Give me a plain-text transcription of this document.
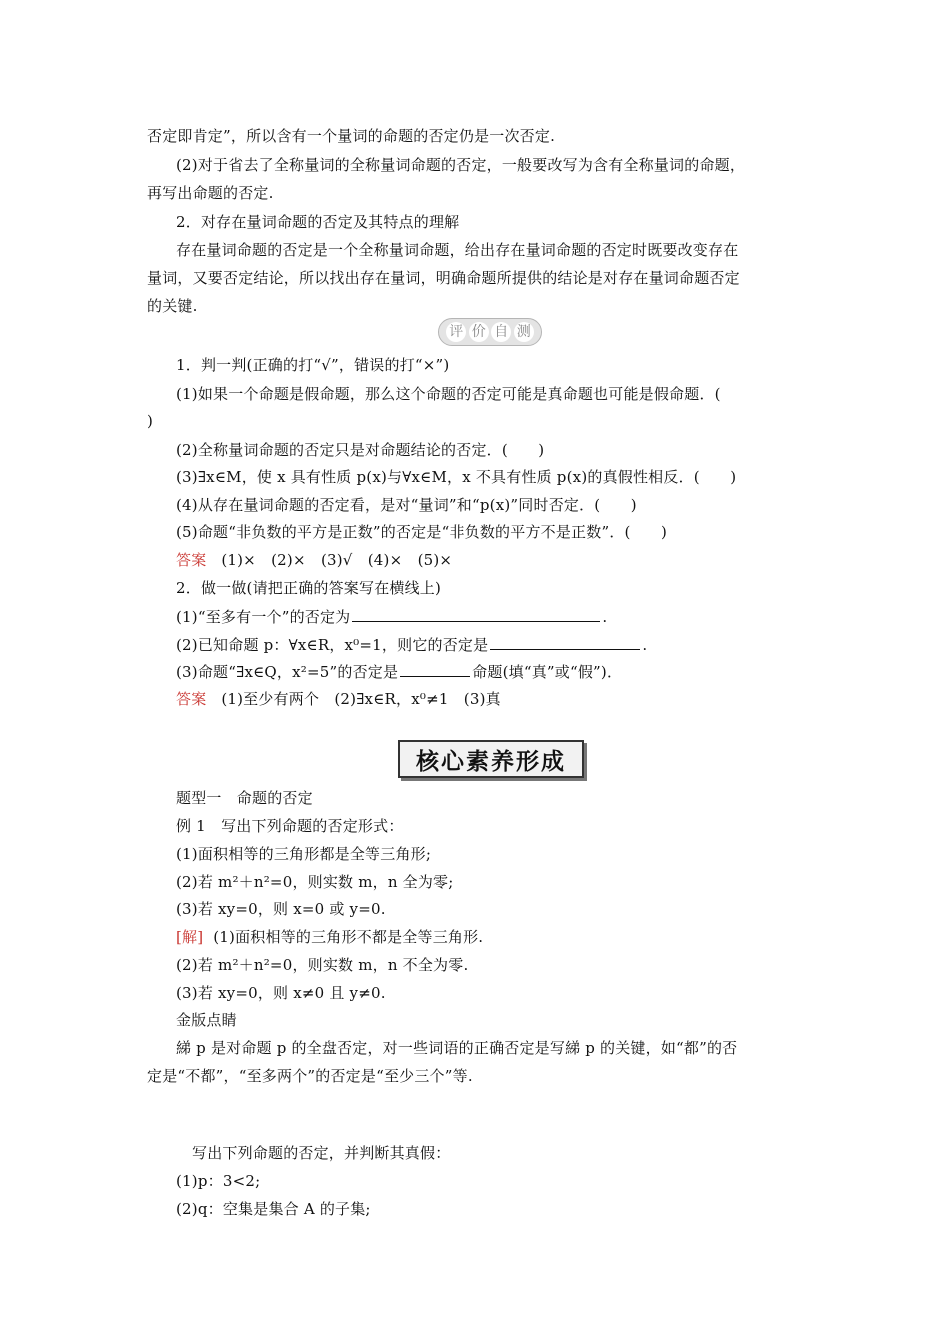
否定即肯定”，所以含有一个量词的命题的否定仍是一次否定.
(2)对于省去了全称量词的全称量词命题的否定，一般要改写为含有全称量词的命题，
再写出命题的否定.
2．对存在量词命题的否定及其特点的理解
存在量词命题的否定是一个全称量词命题，给出存在量词命题的否定时既要改变存在
量词，又要否定结论，所以找出存在量词，明确命题所提供的结论是对存在量词命题否定
的关键.
评 价 自 测
1．判一判(正确的打“√”，错误的打“×”)
(1)如果一个命题是假命题，那么这个命题的否定可能是真命题也可能是假命题．(
)
(2)全称量词命题的否定只是对命题结论的否定．(　　)
(3)∃x∈M，使 x 具有性质 p(x)与∀x∈M，x 不具有性质 p(x)的真假性相反．(　　)
(4)从存在量词命题的否定看，是对“量词”和“p(x)”同时否定．(　　)
(5)命题“非负数的平方是正数”的否定是“非负数的平方不是正数”．(　　)
答案 (1)×　(2)×　(3)√　(4)×　(5)×
2．做一做(请把正确的答案写在横线上)
(1)“至多有一个”的否定为	.
(2)已知命题 p：∀x∈R，x⁰=1，则它的否定是	.
(3)命题“∃x∈Q，x²=5”的否定是	命题(填“真”或“假”)．
答案 (1)至少有两个　(2)∃x∈R，x⁰≠1　(3)真
核心素养形成
题型一　命题的否定
例 1　写出下列命题的否定形式：
(1)面积相等的三角形都是全等三角形;
(2)若 m²＋n²=0，则实数 m，n 全为零;
(3)若 xy=0，则 x=0 或 y=0.
[解] (1)面积相等的三角形不都是全等三角形.
(2)若 m²＋n²=0，则实数 m，n 不全为零.
(3)若 xy=0，则 x≠0 且 y≠0.
金版点睛
綈 p 是对命题 p 的全盘否定，对一些词语的正确否定是写綈 p 的关键，如“都”的否
定是“不都”，“至多两个”的否定是“至少三个”等.
写出下列命题的否定，并判断其真假：
(1)p：3<2;
(2)q：空集是集合 A 的子集;
